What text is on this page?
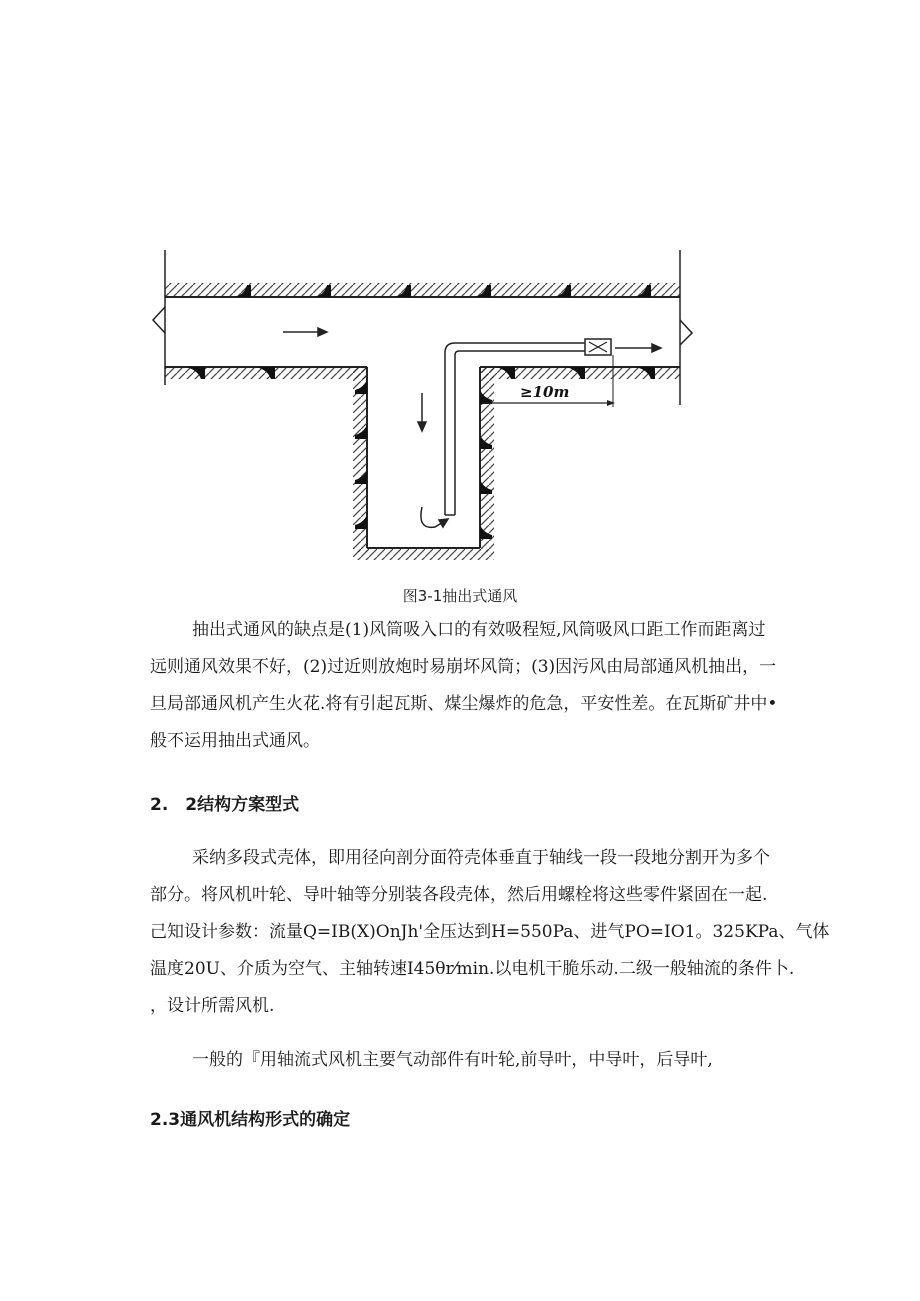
≥10m
图3-1抽出式通风

抽出式通风的缺点是(1)风筒吸入口的有效吸程短,风筒吸风口距工作而距离过
远则通风效果不好，(2)过近则放炮时易崩坏风筒；(3)因污风由局部通风机抽出，一
旦局部通风机产生火花.将有引起瓦斯、煤尘爆炸的危急，平安性差。在瓦斯矿井中•
般不运用抽出式通风。

2.　2结构方案型式

采纳多段式壳体，即用径向剖分面符壳体垂直于轴线一段一段地分割开为多个
部分。将风机叶轮、导叶轴等分别装各段壳体，然后用螺栓将这些零件紧固在一起.
己知设计参数：流量Q=IB(X)OnJh'全压达到H=550Pa、进气PO=IO1。325KPa、气体
温度20U、介质为空气、主轴转速I45θr⁄min.以电机干脆乐动.二级一般轴流的条件卜.
，设计所需风机.

一般的『用轴流式风机主要气动部件有叶轮,前导叶，中导叶，后导叶,

2.3通风机结构形式的确定
